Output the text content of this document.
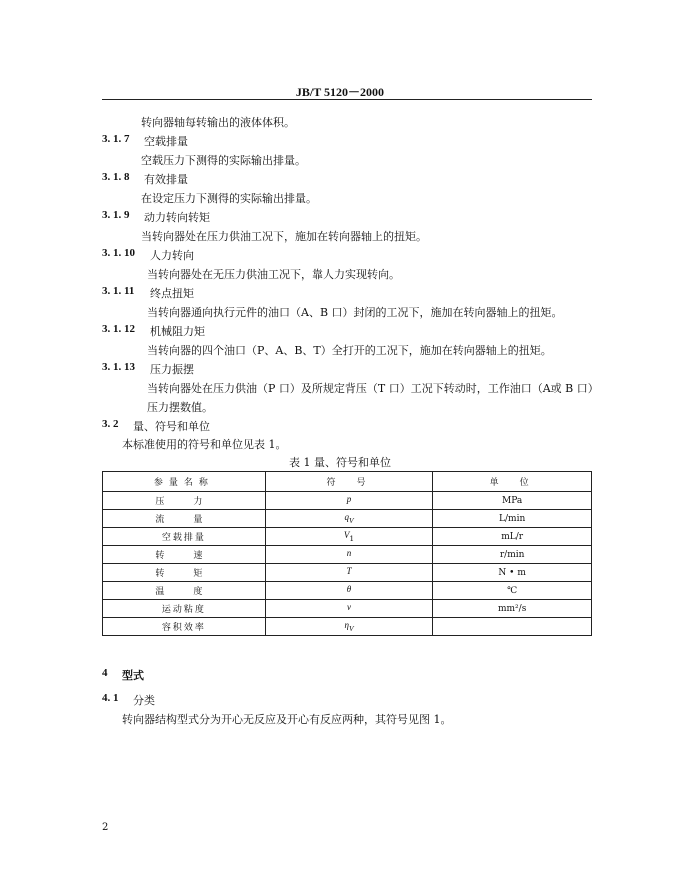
JB/T 5120－2000
转向器轴每转输出的液体体积。
3. 1. 7 空载排量
空载压力下测得的实际输出排量。
3. 1. 8 有效排量
在设定压力下测得的实际输出排量。
3. 1. 9 动力转向转矩
当转向器处在压力供油工况下，施加在转向器轴上的扭矩。
3. 1. 10 人力转向
当转向器处在无压力供油工况下，靠人力实现转向。
3. 1. 11 终点扭矩
当转向器通向执行元件的油口（A、B 口）封闭的工况下，施加在转向器轴上的扭矩。
3. 1. 12 机械阻力矩
当转向器的四个油口（P、A、B、T）全打开的工况下，施加在转向器轴上的扭矩。
3. 1. 13 压力振摆
当转向器处在压力供油（P 口）及所规定背压（T 口）工况下转动时，工作油口（A或 B 口）
压力摆数值。
3. 2 量、符号和单位
本标准使用的符号和单位见表 1。
表 1 量、符号和单位
参量名称	符　号	单　位
压　力	p	MPa
流　量	$q_V$	L/min
空载排量	$V_1$	mL/r
转　速	n	r/min
转　矩	T	N • m
温　度	θ	℃
运动粘度	ν	mm²/s
容积效率	$\eta_V$	
4 型式
4. 1 分类
转向器结构型式分为开心无反应及开心有反应两种，其符号见图 1。
2
